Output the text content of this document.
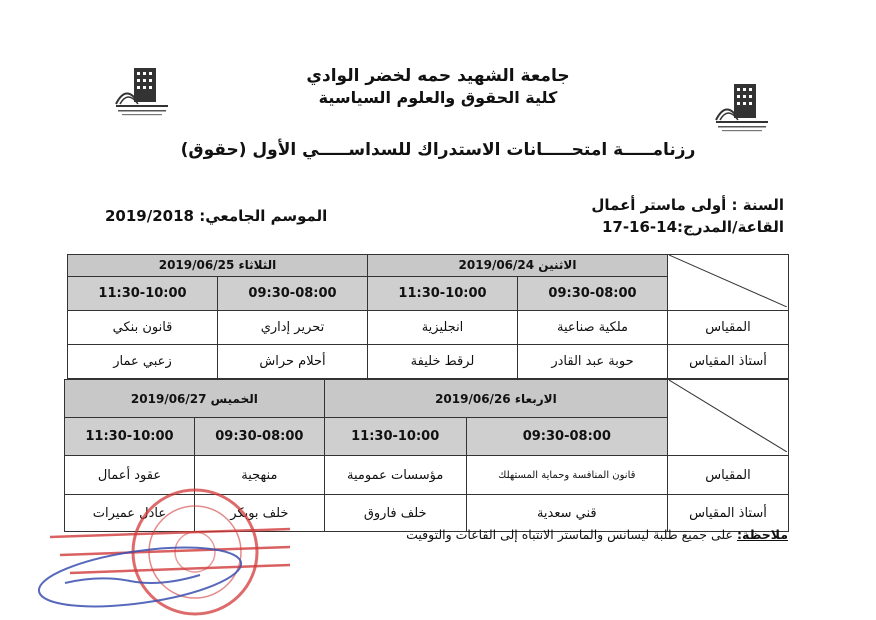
جامعة الشهيد حمه لخضر الوادي
كلية الحقوق والعلوم السياسية
رزنامـــــة امتحـــــانات الاستدراك للسداســـــي الأول (حقوق)
السنة : أولى ماستر أعمال
القاعة/المدرج:14-16-17
الموسم الجامعي: 2019/2018
	الاثنين 2019/06/24		الثلاثاء 2019/06/25	
	09:30-08:00	11:30-10:00	09:30-08:00	11:30-10:00
المقياس	ملكية صناعية	انجليزية	تحرير إداري	قانون بنكي
أستاذ المقياس	حوبة عبد القادر	لرقط خليفة	أحلام حراش	زعبي عمار
	الاربعاء 2019/06/26		الخميس 2019/06/27	
	09:30-08:00	11:30-10:00	09:30-08:00	11:30-10:00
المقياس	قانون المنافسة وحماية المستهلك	مؤسسات عمومية	منهجية	عقود أعمال
أستاذ المقياس	قني سعدية	خلف فاروق	خلف بوبكر	عادل عميرات
ملاحظة: على جميع طلبة ليسانس والماستر الانتباه إلى القاعات والتوقيت
